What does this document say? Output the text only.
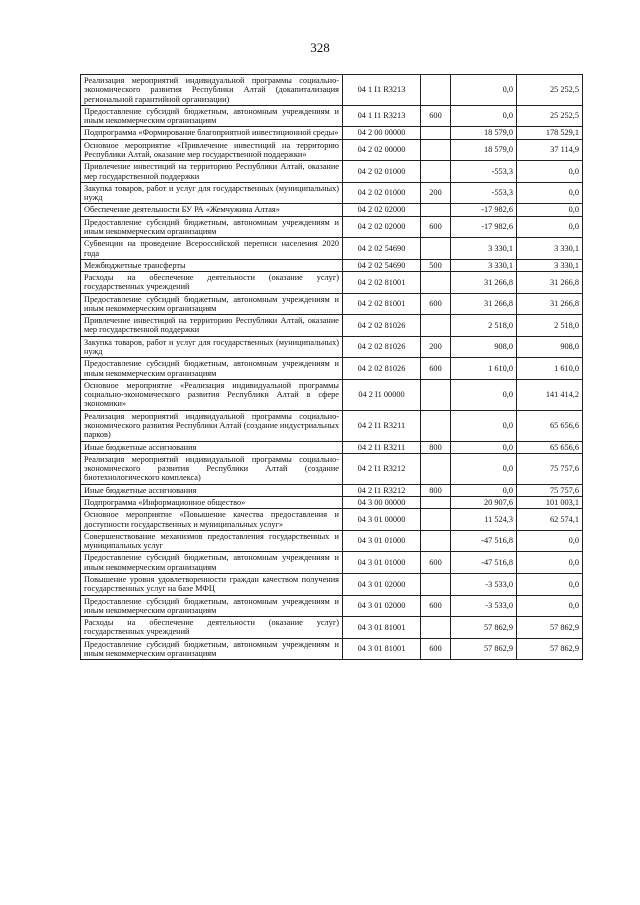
328
Реализация мероприятий индивидуальной программы социально-экономического развития Республики Алтай (докапитализация региональной гарантийной организации)	04 1 I1 R3213		0,0	25 252,5
Предоставление субсидий бюджетным, автономным учреждениям и иным некоммерческим организациям	04 1 I1 R3213	600	0,0	25 252,5
Подпрограмма «Формирование благоприятной инвестиционной среды»	04 2 00 00000		18 579,0	178 529,1
Основное мероприятие «Привлечение инвестиций на территорию Республики Алтай, оказание мер государственной поддержки»	04 2 02 00000		18 579,0	37 114,9
Привлечение инвестиций на территорию Республики Алтай, оказание мер государственной поддержки	04 2 02 01000		-553,3	0,0
Закупка товаров, работ и услуг для государственных (муниципальных) нужд	04 2 02 01000	200	-553,3	0,0
Обеспечение деятельности БУ РА «Жемчужина Алтая»	04 2 02 02000		-17 982,6	0,0
Предоставление субсидий бюджетным, автономным учреждениям и иным некоммерческим организациям	04 2 02 02000	600	-17 982,6	0,0
Субвенции на проведение Всероссийской переписи населения 2020 года	04 2 02 54690		3 330,1	3 330,1
Межбюджетные трансферты	04 2 02 54690	500	3 330,1	3 330,1
Расходы на обеспечение деятельности (оказание услуг) государственных учреждений	04 2 02 81001		31 266,8	31 266,8
Предоставление субсидий бюджетным, автономным учреждениям и иным некоммерческим организациям	04 2 02 81001	600	31 266,8	31 266,8
Привлечение инвестиций на территорию Республики Алтай, оказание мер государственной поддержки	04 2 02 81026		2 518,0	2 518,0
Закупка товаров, работ и услуг для государственных (муниципальных) нужд	04 2 02 81026	200	908,0	908,0
Предоставление субсидий бюджетным, автономным учреждениям и иным некоммерческим организациям	04 2 02 81026	600	1 610,0	1 610,0
Основное мероприятие «Реализация индивидуальной программы социально-экономического развития Республики Алтай в сфере экономики»	04 2 I1 00000		0,0	141 414,2
Реализация мероприятий индивидуальной программы социально-экономического развития Республики Алтай (создание индустриальных парков)	04 2 I1 R3211		0,0	65 656,6
Иные бюджетные ассигнования	04 2 I1 R3211	800	0,0	65 656,6
Реализация мероприятий индивидуальной программы социально-экономического развития Республики Алтай (создание биотехнологического комплекса)	04 2 I1 R3212		0,0	75 757,6
Иные бюджетные ассигнования	04 2 I1 R3212	800	0,0	75 757,6
Подпрограмма «Информационное общество»	04 3 00 00000		20 907,6	101 003,1
Основное мероприятие «Повышение качества предоставления и доступности государственных и муниципальных услуг»	04 3 01 00000		11 524,3	62 574,1
Совершенствование механизмов предоставления государственных и муниципальных услуг	04 3 01 01000		-47 516,8	0,0
Предоставление субсидий бюджетным, автономным учреждениям и иным некоммерческим организациям	04 3 01 01000	600	-47 516,8	0,0
Повышение уровня удовлетворенности граждан качеством получения государственных услуг на базе МФЦ	04 3 01 02000		-3 533,0	0,0
Предоставление субсидий бюджетным, автономным учреждениям и иным некоммерческим организациям	04 3 01 02000	600	-3 533,0	0,0
Расходы на обеспечение деятельности (оказание услуг) государственных учреждений	04 3 01 81001		57 862,9	57 862,9
Предоставление субсидий бюджетным, автономным учреждениям и иным некоммерческим организациям	04 3 01 81001	600	57 862,9	57 862,9
